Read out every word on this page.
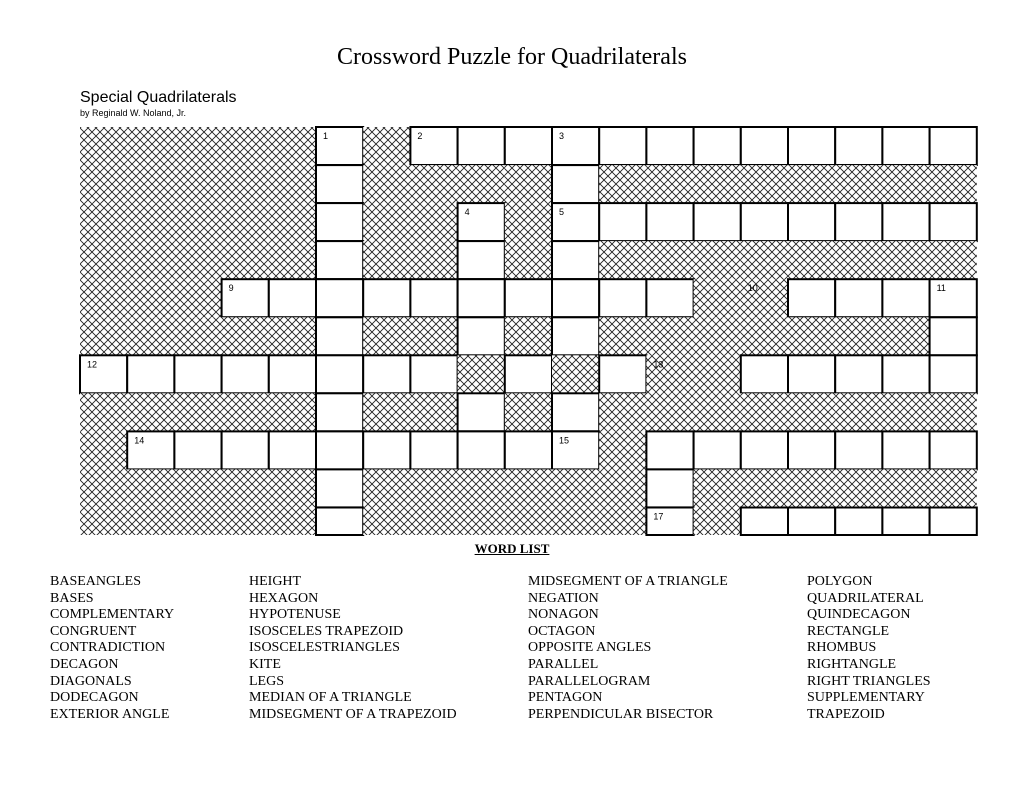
Crossword Puzzle for Quadrilaterals
Special Quadrilaterals
by Reginald W. Noland, Jr.
1	2	3
4	5
9	10	11
12	13
14	15
17
WORD LIST
BASEANGLES
BASES
COMPLEMENTARY
CONGRUENT
CONTRADICTION
DECAGON
DIAGONALS
DODECAGON
EXTERIOR ANGLE
HEIGHT
HEXAGON
HYPOTENUSE
ISOSCELES TRAPEZOID
ISOSCELESTRIANGLES
KITE
LEGS
MEDIAN OF A TRIANGLE
MIDSEGMENT OF A TRAPEZOID
MIDSEGMENT OF A TRIANGLE
NEGATION
NONAGON
OCTAGON
OPPOSITE ANGLES
PARALLEL
PARALLELOGRAM
PENTAGON
PERPENDICULAR BISECTOR
POLYGON
QUADRILATERAL
QUINDECAGON
RECTANGLE
RHOMBUS
RIGHTANGLE
RIGHT TRIANGLES
SUPPLEMENTARY
TRAPEZOID
